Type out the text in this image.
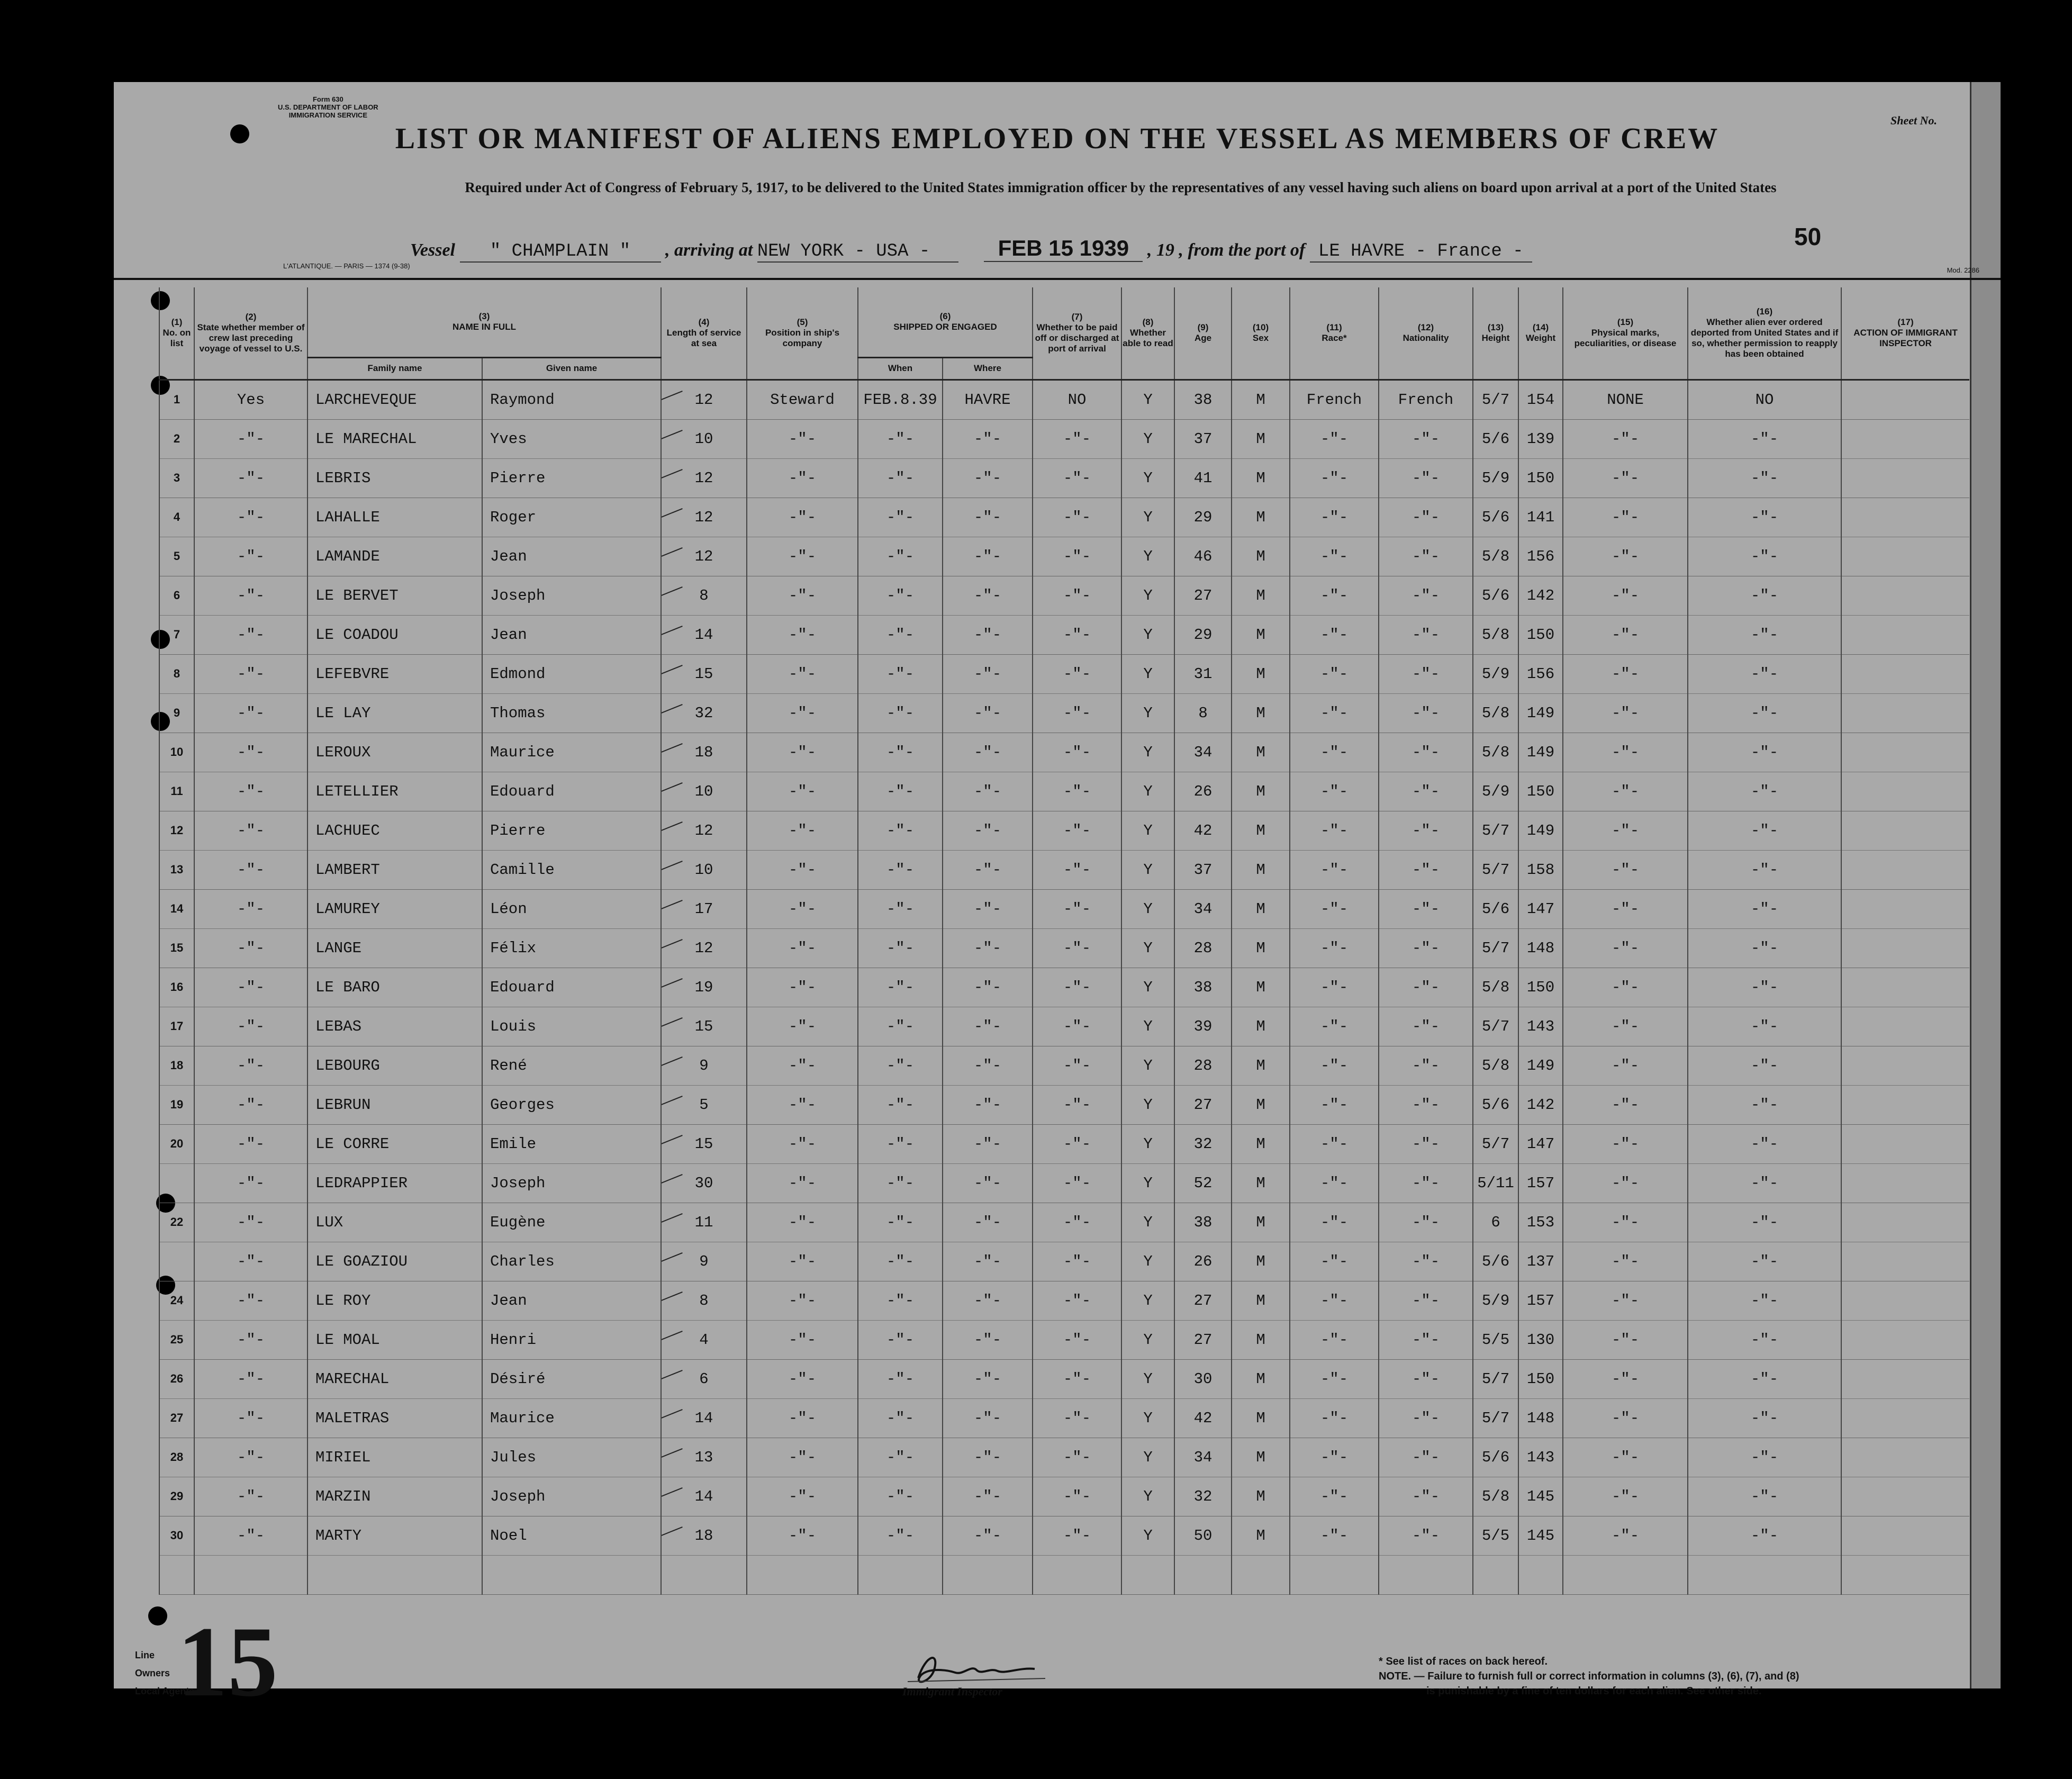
Form 630
U.S. DEPARTMENT OF LABOR
IMMIGRATION SERVICE
LIST OR MANIFEST OF ALIENS EMPLOYED ON THE VESSEL AS MEMBERS OF CREW
Sheet No.
Required under Act of Congress of February 5, 1917, to be delivered to the United States immigration officer by the representatives of any vessel having such aliens on board upon arrival at a port of the United States
Vessel " CHAMPLAIN " , arriving at NEW YORK - USA -	FEB 15 1939 , 19 , from the port of LE HAVRE - France -
50
L'ATLANTIQUE. — PARIS — 1374 (9-38)
Mod. 2286
(1)
No. on list	(2)
State whether member of crew last preceding voyage of vessel to U.S.	(3)
NAME IN FULL		(4)
Length of service at sea	(5)
Position in ship's company	(6)
SHIPPED OR ENGAGED		(7)
Whether to be paid off or discharged at port of arrival	(8)
Whether able to read	(9)
Age	(10)
Sex	(11)
Race*	(12)
Nationality	(13)
Height	(14)
Weight	(15)
Physical marks, peculiarities, or disease	(16)
Whether alien ever ordered deported from United States and if so, whether permission to reapply has been obtained	(17)
ACTION OF IMMIGRANT INSPECTOR
		Family name	Given name			When	Where										
1	Yes	LARCHEVEQUE	Raymond	12	Steward	FEB.8.39	HAVRE	NO	Y	38	M	French	French	5/7	154	NONE	NO	
2	-"-	LE MARECHAL	Yves	10	-"-	-"-	-"-	-"-	Y	37	M	-"-	-"-	5/6	139	-"-	-"-	
3	-"-	LEBRIS	Pierre	12	-"-	-"-	-"-	-"-	Y	41	M	-"-	-"-	5/9	150	-"-	-"-	
4	-"-	LAHALLE	Roger	12	-"-	-"-	-"-	-"-	Y	29	M	-"-	-"-	5/6	141	-"-	-"-	
5	-"-	LAMANDE	Jean	12	-"-	-"-	-"-	-"-	Y	46	M	-"-	-"-	5/8	156	-"-	-"-	
6	-"-	LE BERVET	Joseph	8	-"-	-"-	-"-	-"-	Y	27	M	-"-	-"-	5/6	142	-"-	-"-	
7	-"-	LE COADOU	Jean	14	-"-	-"-	-"-	-"-	Y	29	M	-"-	-"-	5/8	150	-"-	-"-	
8	-"-	LEFEBVRE	Edmond	15	-"-	-"-	-"-	-"-	Y	31	M	-"-	-"-	5/9	156	-"-	-"-	
9	-"-	LE LAY	Thomas	32	-"-	-"-	-"-	-"-	Y	8	M	-"-	-"-	5/8	149	-"-	-"-	
10	-"-	LEROUX	Maurice	18	-"-	-"-	-"-	-"-	Y	34	M	-"-	-"-	5/8	149	-"-	-"-	
11	-"-	LETELLIER	Edouard	10	-"-	-"-	-"-	-"-	Y	26	M	-"-	-"-	5/9	150	-"-	-"-	
12	-"-	LACHUEC	Pierre	12	-"-	-"-	-"-	-"-	Y	42	M	-"-	-"-	5/7	149	-"-	-"-	
13	-"-	LAMBERT	Camille	10	-"-	-"-	-"-	-"-	Y	37	M	-"-	-"-	5/7	158	-"-	-"-	
14	-"-	LAMUREY	Léon	17	-"-	-"-	-"-	-"-	Y	34	M	-"-	-"-	5/6	147	-"-	-"-	
15	-"-	LANGE	Félix	12	-"-	-"-	-"-	-"-	Y	28	M	-"-	-"-	5/7	148	-"-	-"-	
16	-"-	LE BARO	Edouard	19	-"-	-"-	-"-	-"-	Y	38	M	-"-	-"-	5/8	150	-"-	-"-	
17	-"-	LEBAS	Louis	15	-"-	-"-	-"-	-"-	Y	39	M	-"-	-"-	5/7	143	-"-	-"-	
18	-"-	LEBOURG	René	9	-"-	-"-	-"-	-"-	Y	28	M	-"-	-"-	5/8	149	-"-	-"-	
19	-"-	LEBRUN	Georges	5	-"-	-"-	-"-	-"-	Y	27	M	-"-	-"-	5/6	142	-"-	-"-	
20	-"-	LE CORRE	Emile	15	-"-	-"-	-"-	-"-	Y	32	M	-"-	-"-	5/7	147	-"-	-"-	
	-"-	LEDRAPPIER	Joseph	30	-"-	-"-	-"-	-"-	Y	52	M	-"-	-"-	5/11	157	-"-	-"-	
22	-"-	LUX	Eugène	11	-"-	-"-	-"-	-"-	Y	38	M	-"-	-"-	6	153	-"-	-"-	
	-"-	LE GOAZIOU	Charles	9	-"-	-"-	-"-	-"-	Y	26	M	-"-	-"-	5/6	137	-"-	-"-	
24	-"-	LE ROY	Jean	8	-"-	-"-	-"-	-"-	Y	27	M	-"-	-"-	5/9	157	-"-	-"-	
25	-"-	LE MOAL	Henri	4	-"-	-"-	-"-	-"-	Y	27	M	-"-	-"-	5/5	130	-"-	-"-	
26	-"-	MARECHAL	Désiré	6	-"-	-"-	-"-	-"-	Y	30	M	-"-	-"-	5/7	150	-"-	-"-	
27	-"-	MALETRAS	Maurice	14	-"-	-"-	-"-	-"-	Y	42	M	-"-	-"-	5/7	148	-"-	-"-	
28	-"-	MIRIEL	Jules	13	-"-	-"-	-"-	-"-	Y	34	M	-"-	-"-	5/6	143	-"-	-"-	
29	-"-	MARZIN	Joseph	14	-"-	-"-	-"-	-"-	Y	32	M	-"-	-"-	5/8	145	-"-	-"-	
30	-"-	MARTY	Noel	18	-"-	-"-	-"-	-"-	Y	50	M	-"-	-"-	5/5	145	-"-	-"-	

Line
Owners
Local Agents
15	Immigrant Inspector
* See list of races on back hereof.
NOTE. — Failure to furnish full or correct information in columns (3), (6), (7), and (8)
is punishable by a fine of ten dollars for each alien. See other side.
